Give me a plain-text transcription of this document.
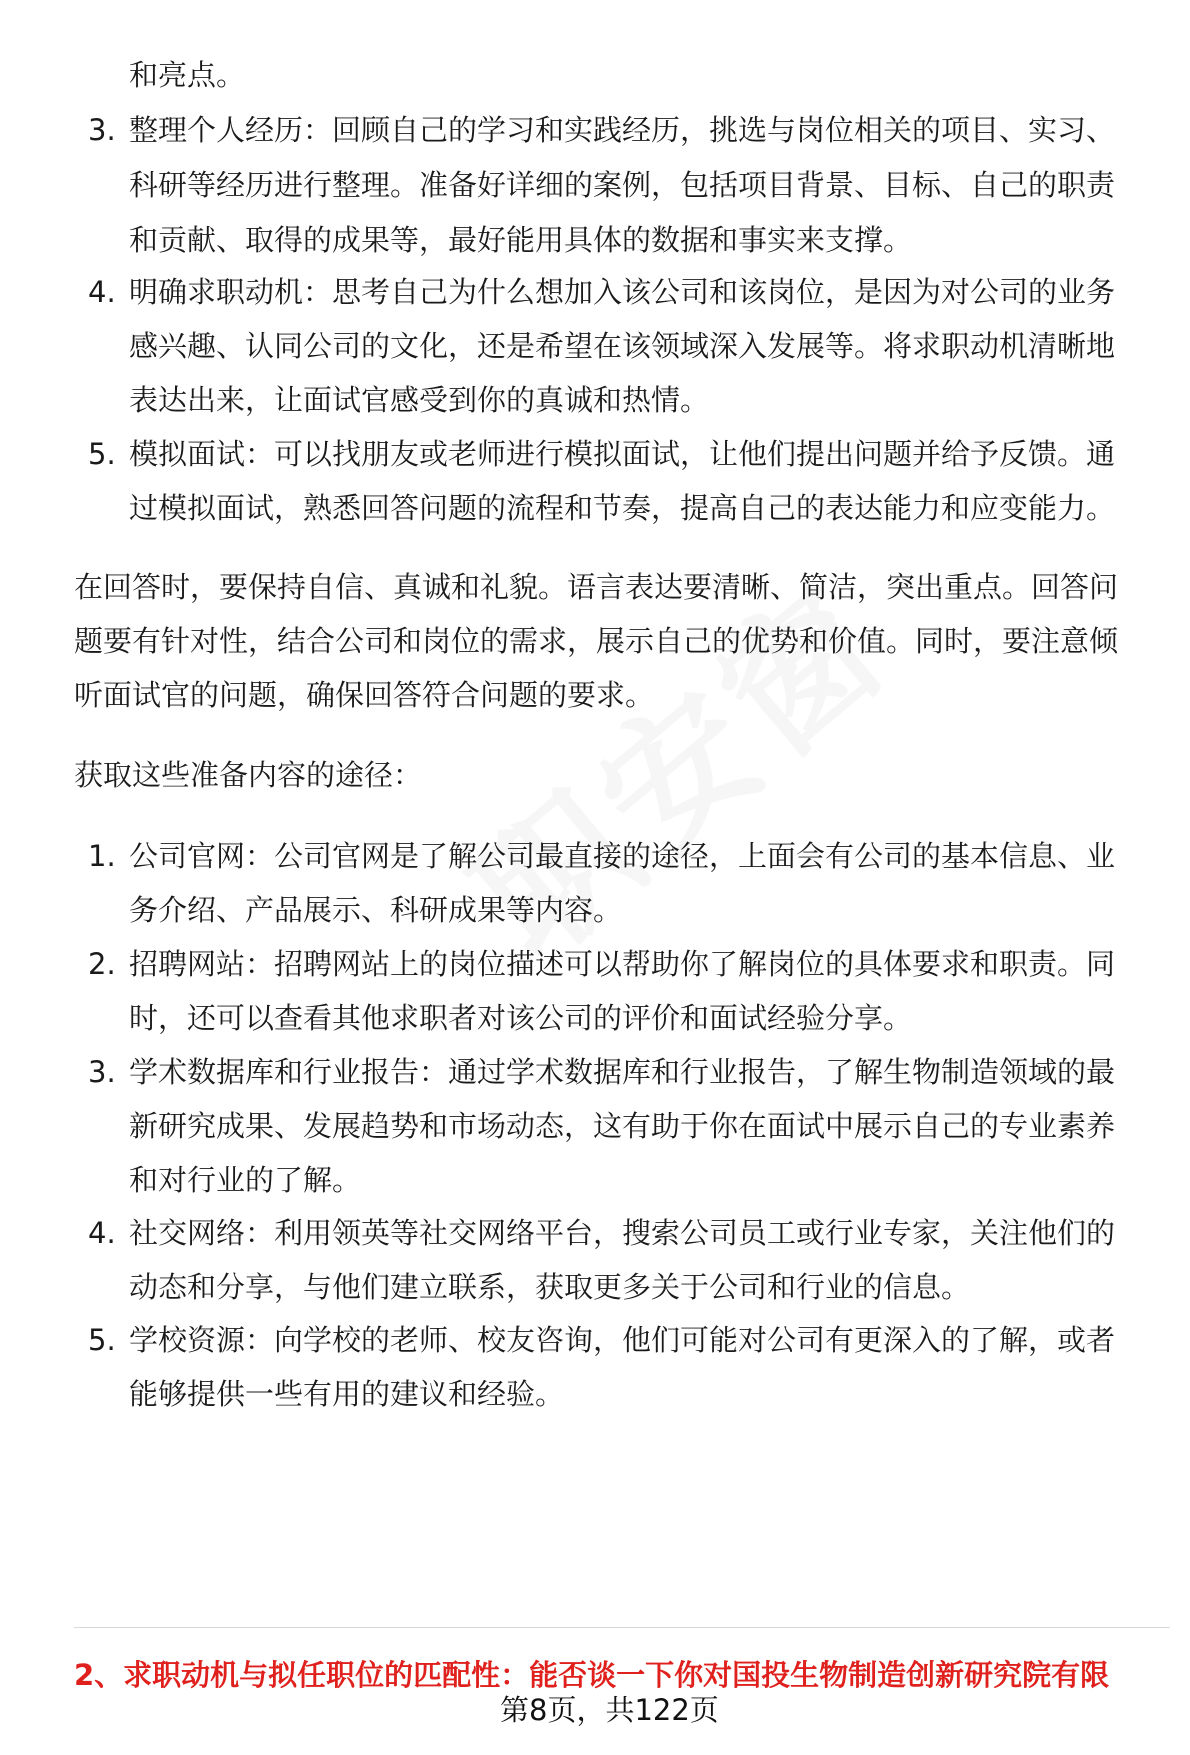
和亮点。
3. 整理个人经历：回顾自己的学习和实践经历，挑选与岗位相关的项目、实习、
科研等经历进行整理。准备好详细的案例，包括项目背景、目标、自己的职责
和贡献、取得的成果等，最好能用具体的数据和事实来支撑。
4. 明确求职动机：思考自己为什么想加入该公司和该岗位，是因为对公司的业务
感兴趣、认同公司的文化，还是希望在该领域深入发展等。将求职动机清晰地
表达出来，让面试官感受到你的真诚和热情。
5. 模拟面试：可以找朋友或老师进行模拟面试，让他们提出问题并给予反馈。通
过模拟面试，熟悉回答问题的流程和节奏，提高自己的表达能力和应变能力。
在回答时，要保持自信、真诚和礼貌。语言表达要清晰、简洁，突出重点。回答问
题要有针对性，结合公司和岗位的需求，展示自己的优势和价值。同时，要注意倾
听面试官的问题，确保回答符合问题的要求。
获取这些准备内容的途径：
1. 公司官网：公司官网是了解公司最直接的途径，上面会有公司的基本信息、业
务介绍、产品展示、科研成果等内容。
2. 招聘网站：招聘网站上的岗位描述可以帮助你了解岗位的具体要求和职责。同
时，还可以查看其他求职者对该公司的评价和面试经验分享。
3. 学术数据库和行业报告：通过学术数据库和行业报告，了解生物制造领域的最
新研究成果、发展趋势和市场动态，这有助于你在面试中展示自己的专业素养
和对行业的了解。
4. 社交网络：利用领英等社交网络平台，搜索公司员工或行业专家，关注他们的
动态和分享，与他们建立联系，获取更多关于公司和行业的信息。
5. 学校资源：向学校的老师、校友咨询，他们可能对公司有更深入的了解，或者
能够提供一些有用的建议和经验。
2、求职动机与拟任职位的匹配性：能否谈一下你对国投生物制造创新研究院有限
第8页，共122页
